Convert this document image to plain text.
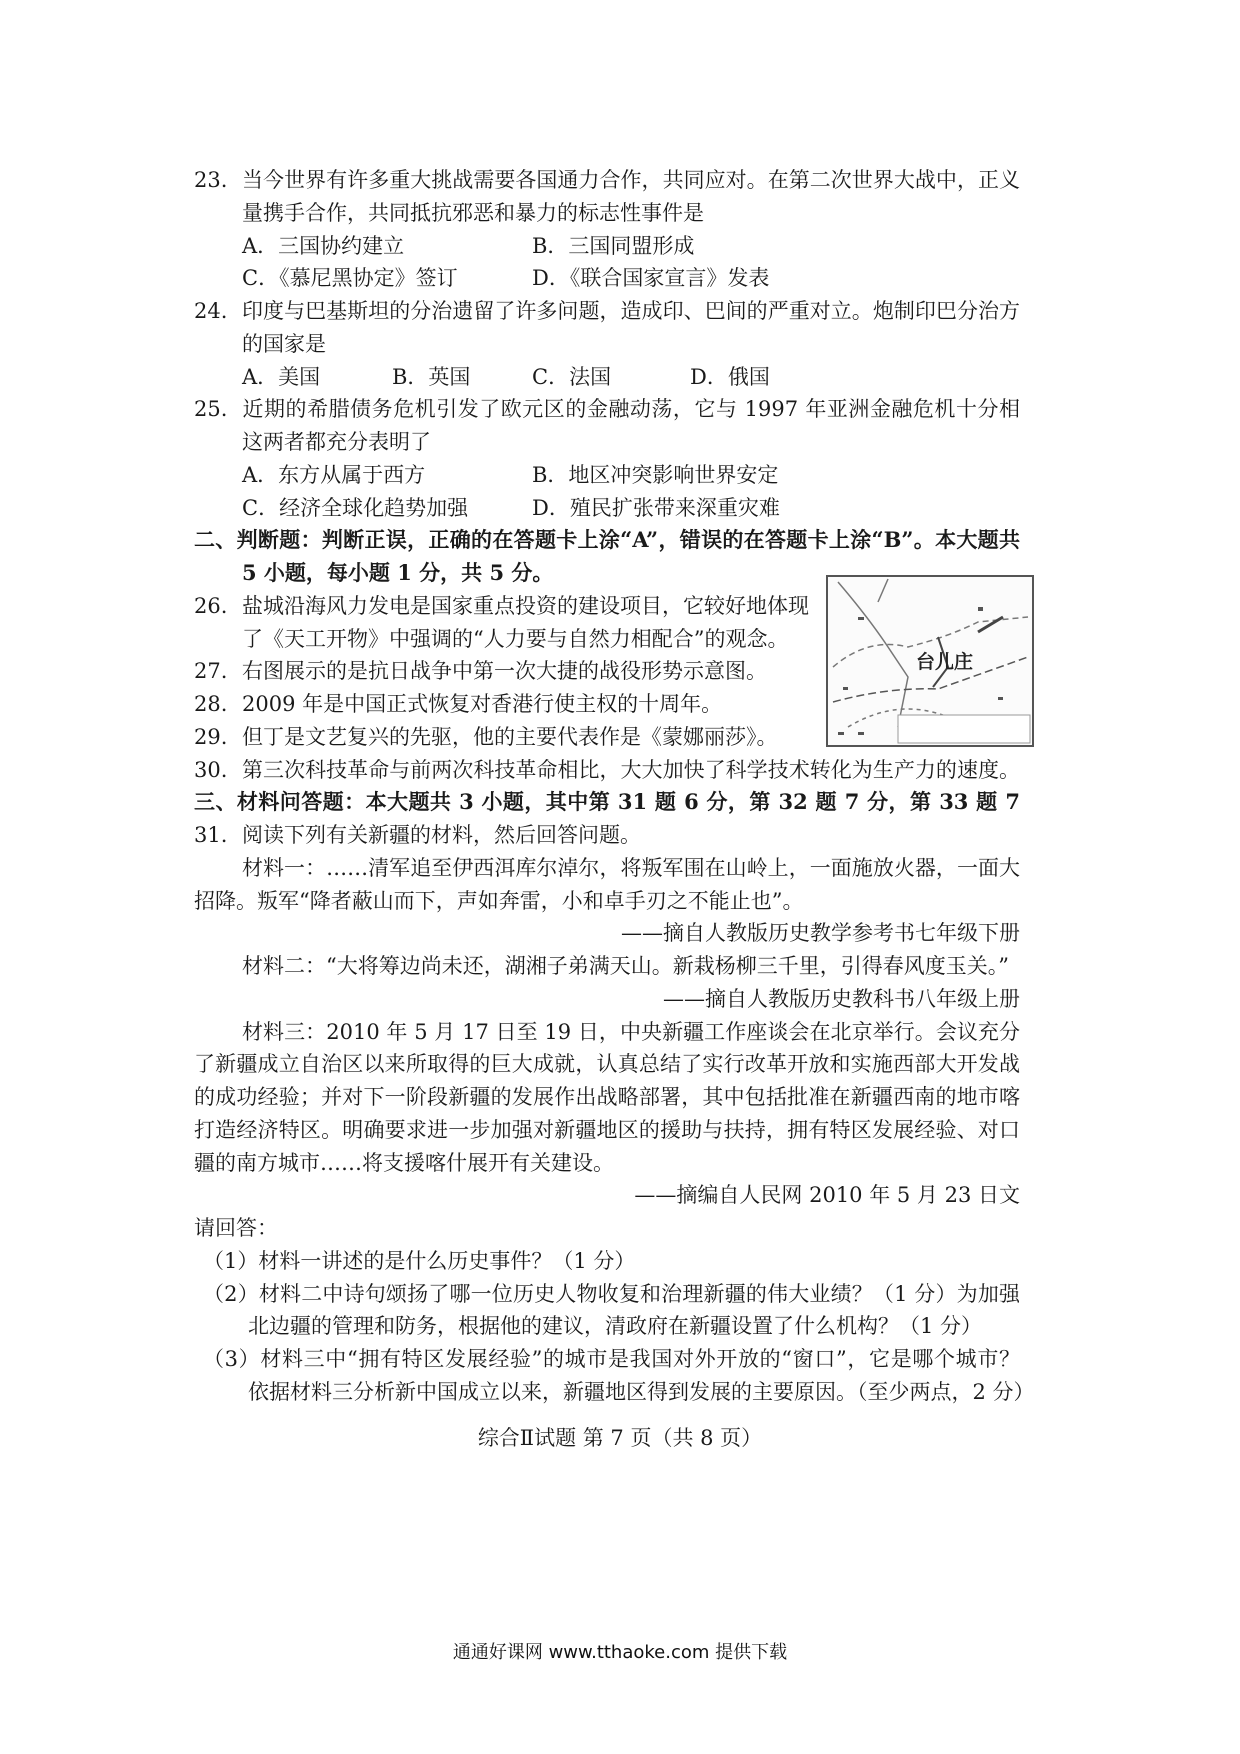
23. 当今世界有许多重大挑战需要各国通力合作，共同应对。在第二次世界大战中，正义
量携手合作，共同抵抗邪恶和暴力的标志性事件是
A．三国协约建立	B．三国同盟形成
C．《慕尼黑协定》签订	D．《联合国家宣言》发表
24. 印度与巴基斯坦的分治遗留了许多问题，造成印、巴间的严重对立。炮制印巴分治方
的国家是
A．美国	B．英国	C．法国	D．俄国
25. 近期的希腊债务危机引发了欧元区的金融动荡，它与 1997 年亚洲金融危机十分相
这两者都充分表明了
A．东方从属于西方	B．地区冲突影响世界安定
C．经济全球化趋势加强	D．殖民扩张带来深重灾难
二、判断题：判断正误，正确的在答题卡上涂“A”，错误的在答题卡上涂“B”。本大题共
5 小题，每小题 1 分，共 5 分。
26. 盐城沿海风力发电是国家重点投资的建设项目，它较好地体现
了《天工开物》中强调的“人力要与自然力相配合”的观念。
27. 右图展示的是抗日战争中第一次大捷的战役形势示意图。
28. 2009 年是中国正式恢复对香港行使主权的十周年。
29. 但丁是文艺复兴的先驱，他的主要代表作是《蒙娜丽莎》。
30. 第三次科技革命与前两次科技革命相比，大大加快了科学技术转化为生产力的速度。
三、材料问答题：本大题共 3 小题，其中第 31 题 6 分，第 32 题 7 分，第 33 题 7
31. 阅读下列有关新疆的材料，然后回答问题。
材料一：……清军追至伊西洱库尔淖尔，将叛军围在山岭上，一面施放火器，一面大
招降。叛军“降者蔽山而下，声如奔雷，小和卓手刃之不能止也”。
——摘自人教版历史教学参考书七年级下册
材料二：“大将筹边尚未还，湖湘子弟满天山。新栽杨柳三千里，引得春风度玉关。”
——摘自人教版历史教科书八年级上册
材料三：2010 年 5 月 17 日至 19 日，中央新疆工作座谈会在北京举行。会议充分
了新疆成立自治区以来所取得的巨大成就，认真总结了实行改革开放和实施西部大开发战
的成功经验；并对下一阶段新疆的发展作出战略部署，其中包括批准在新疆西南的地市喀
打造经济特区。明确要求进一步加强对新疆地区的援助与扶持，拥有特区发展经验、对口
疆的南方城市……将支援喀什展开有关建设。
——摘编自人民网 2010 年 5 月 23 日文
请回答：
（1）材料一讲述的是什么历史事件？（1 分）
（2）材料二中诗句颂扬了哪一位历史人物收复和治理新疆的伟大业绩？（1 分）为加强
北边疆的管理和防务，根据他的建议，清政府在新疆设置了什么机构？（1 分）
（3）材料三中“拥有特区发展经验”的城市是我国对外开放的“窗口”，它是哪个城市？
依据材料三分析新中国成立以来，新疆地区得到发展的主要原因。（至少两点，2 分）
台儿庄
综合Ⅱ试题 第 7 页（共 8 页）
通通好课网 www.tthaoke.com 提供下载
